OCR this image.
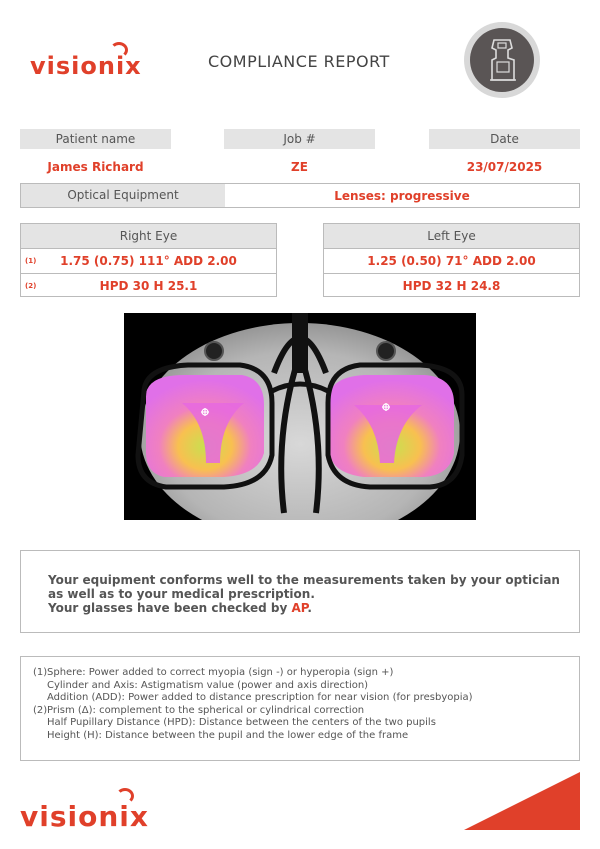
visionix	COMPLIANCE REPORT
Patient name	Job #	Date
James Richard	ZE	23/07/2025
Optical Equipment	Lenses: progressive
Right Eye
(1) 1.75 (0.75) 111° ADD 2.00
(2)	HPD 30 H 25.1
Left Eye
1.25 (0.50) 71° ADD 2.00
HPD 32 H 24.8
Your equipment conforms well to the measurements taken by your optician
as well as to your medical prescription.
Your glasses have been checked by AP.
(1) Sphere: Power added to correct myopia (sign -) or hyperopia (sign +)
Cylinder and Axis: Astigmatism value (power and axis direction)
Addition (ADD): Power added to distance prescription for near vision (for presbyopia)
(2) Prism (Δ): complement to the spherical or cylindrical correction
Half Pupillary Distance (HPD): Distance between the centers of the two pupils
Height (H): Distance between the pupil and the lower edge of the frame
visionix
